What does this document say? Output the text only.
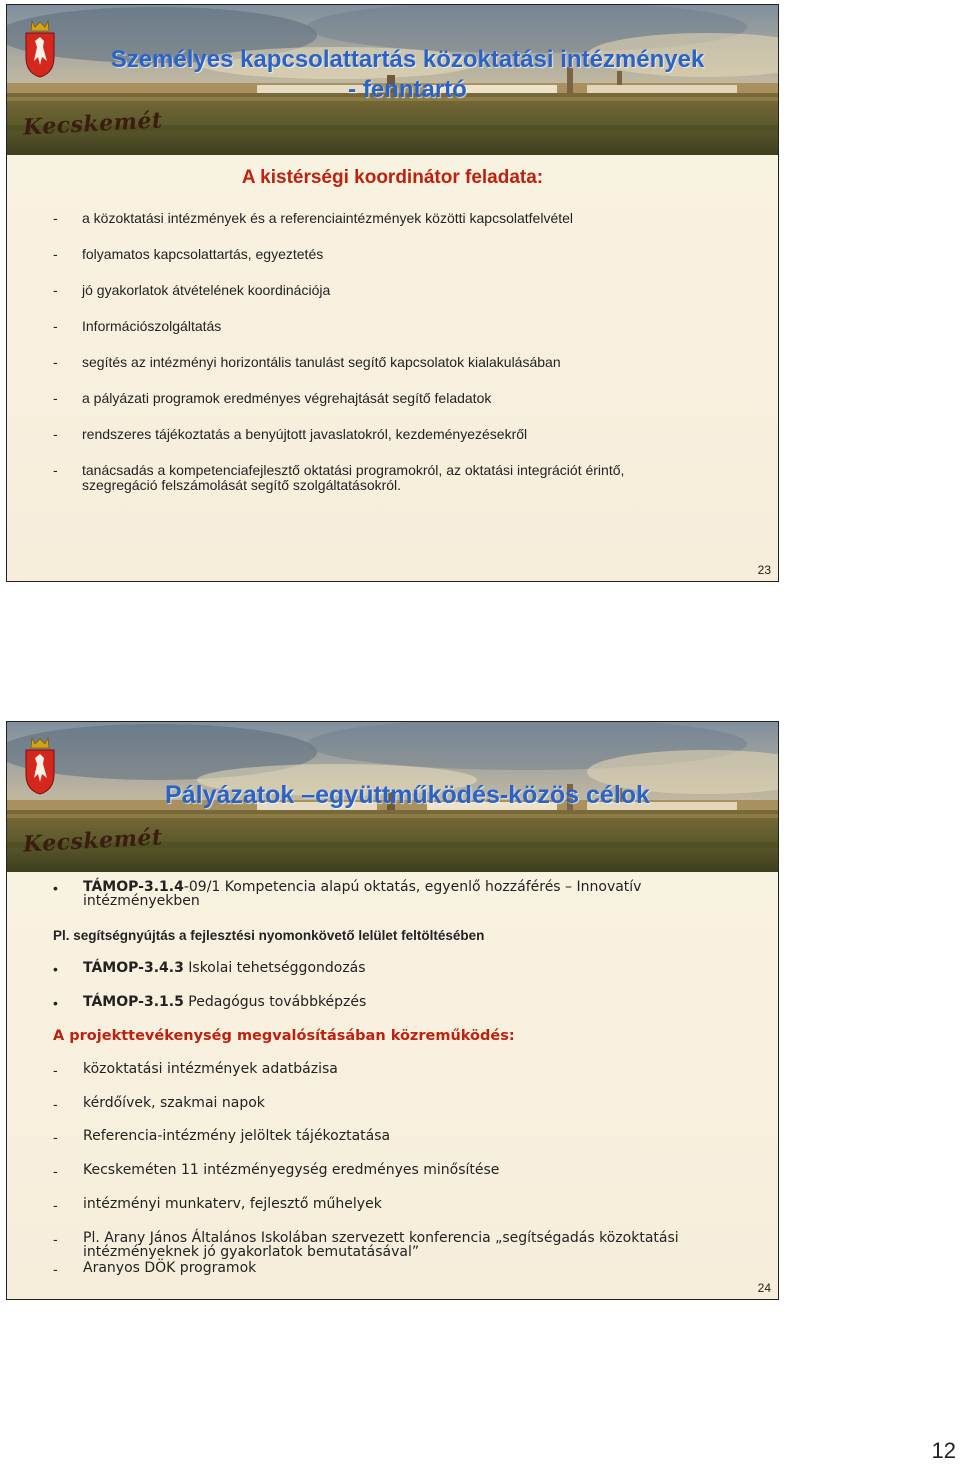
Kecskemét
Személyes kapcsolattartás közoktatási intézmények - fenntartó
A kistérségi koordinátor feladata:
- a közoktatási intézmények és a referenciaintézmények közötti kapcsolatfelvétel
- folyamatos kapcsolattartás, egyeztetés
- jó gyakorlatok átvételének koordinációja
- Információszolgáltatás
- segítés az intézményi horizontális tanulást segítő kapcsolatok kialakulásában
- a pályázati programok eredményes végrehajtását segítő feladatok
- rendszeres tájékoztatás a benyújtott javaslatokról, kezdeményezésekről
- tanácsadás a kompetenciafejlesztő oktatási programokról, az oktatási integrációt érintő, szegregáció felszámolását segítő szolgáltatásokról.
23
Kecskemét
Pályázatok –együttműködés-közös célok
•	TÁMOP-3.1.4-09/1 Kompetencia alapú oktatás, egyenlő hozzáférés – Innovatív intézményekben
Pl. segítségnyújtás a fejlesztési nyomonkövető lelület feltöltésében
•	TÁMOP-3.4.3 Iskolai tehetséggondozás
•	TÁMOP-3.1.5 Pedagógus továbbképzés
A projekttevékenység megvalósításában közreműködés:
-	közoktatási intézmények adatbázisa
-	kérdőívek, szakmai napok
-	Referencia-intézmény jelöltek tájékoztatása
-	Kecskeméten 11 intézményegység eredményes minősítése
-	intézményi munkaterv, fejlesztő műhelyek
-	Pl. Arany János Általános Iskolában szervezett konferencia „segítségadás közoktatási intézményeknek jó gyakorlatok bemutatásával”
-	Aranyos DÖK programok
24
12
